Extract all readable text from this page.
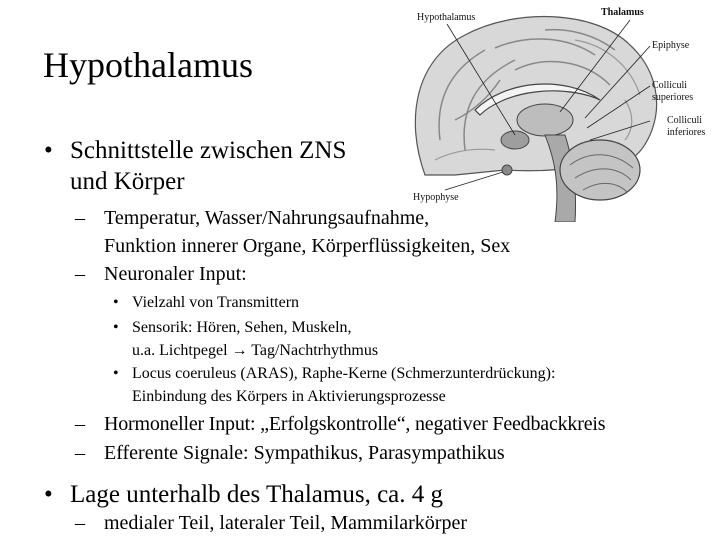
Hypothalamus
Hypothalamus	Thalamus
Epiphyse
Colliculi
superiores
Colliculi
inferiores
Hypophyse
• Schnittstelle zwischen ZNS
und Körper
– Temperatur, Wasser/Nahrungsaufnahme,
Funktion innerer Organe, Körperflüssigkeiten, Sex
– Neuronaler Input:
• Vielzahl von Transmittern
• Sensorik: Hören, Sehen, Muskeln,
u.a. Lichtpegel → Tag/Nachtrhythmus
• Locus coeruleus (ARAS), Raphe-Kerne (Schmerzunterdrückung):
Einbindung des Körpers in Aktivierungsprozesse
– Hormoneller Input: „Erfolgskontrolle“, negativer Feedbackkreis
– Efferente Signale: Sympathikus, Parasympathikus
• Lage unterhalb des Thalamus, ca. 4 g
– medialer Teil, lateraler Teil, Mammilarkörper
